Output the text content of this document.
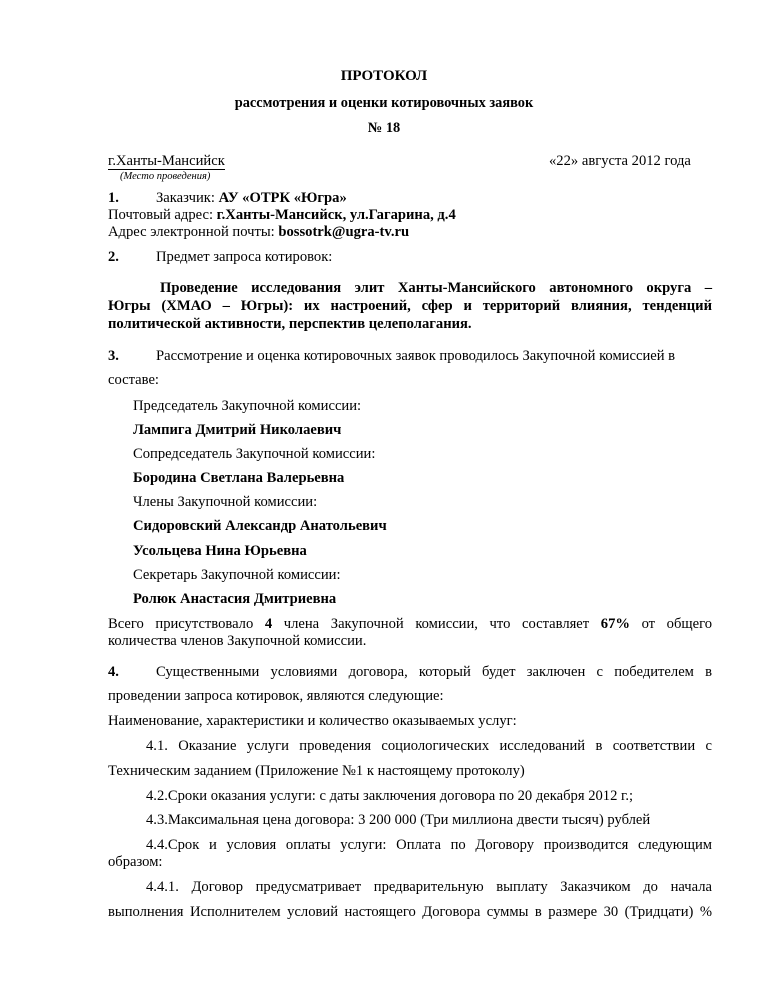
ПРОТОКОЛ
рассмотрения и оценки котировочных заявок
№ 18
г.Ханты-Мансийск
(Место проведения)
«22» августа 2012 года
1.	Заказчик: АУ «ОТРК «Югра»
Почтовый адрес: г.Ханты-Мансийск, ул.Гагарина, д.4
Адрес электронной почты: bossotrk@ugra-tv.ru
2.	Предмет запроса котировок:
Проведение исследования элит Ханты-Мансийского автономного округа –
Югры (ХМАО – Югры): их настроений, сфер и территорий влияния, тенденций
политической активности, перспектив целеполагания.
3.	Рассмотрение и оценка котировочных заявок проводилось Закупочной комиссией в
составе:
Председатель Закупочной комиссии:
Лампига Дмитрий Николаевич
Сопредседатель Закупочной комиссии:
Бородина Светлана Валерьевна
Члены Закупочной комиссии:
Сидоровский Александр Анатольевич
Усольцева Нина Юрьевна
Секретарь Закупочной комиссии:
Ролюк Анастасия Дмитриевна
Всего присутствовало 4 члена Закупочной комиссии, что составляет 67% от общего
количества членов Закупочной комиссии.
4.	Существенными условиями договора, который будет заключен с победителем в
проведении запроса котировок, являются следующие:
Наименование, характеристики и количество оказываемых услуг:
4.1. Оказание услуги проведения социологических исследований в соответствии с
Техническим заданием (Приложение №1 к настоящему протоколу)
4.2.Сроки оказания услуги: с даты заключения договора по 20 декабря 2012 г.;
4.3.Максимальная цена договора: 3 200 000 (Три миллиона двести тысяч) рублей
4.4.Срок и условия оплаты услуги: Оплата по Договору производится следующим
образом:
4.4.1. Договор предусматривает предварительную выплату Заказчиком до начала
выполнения Исполнителем условий настоящего Договора суммы в размере 30 (Тридцати) %
